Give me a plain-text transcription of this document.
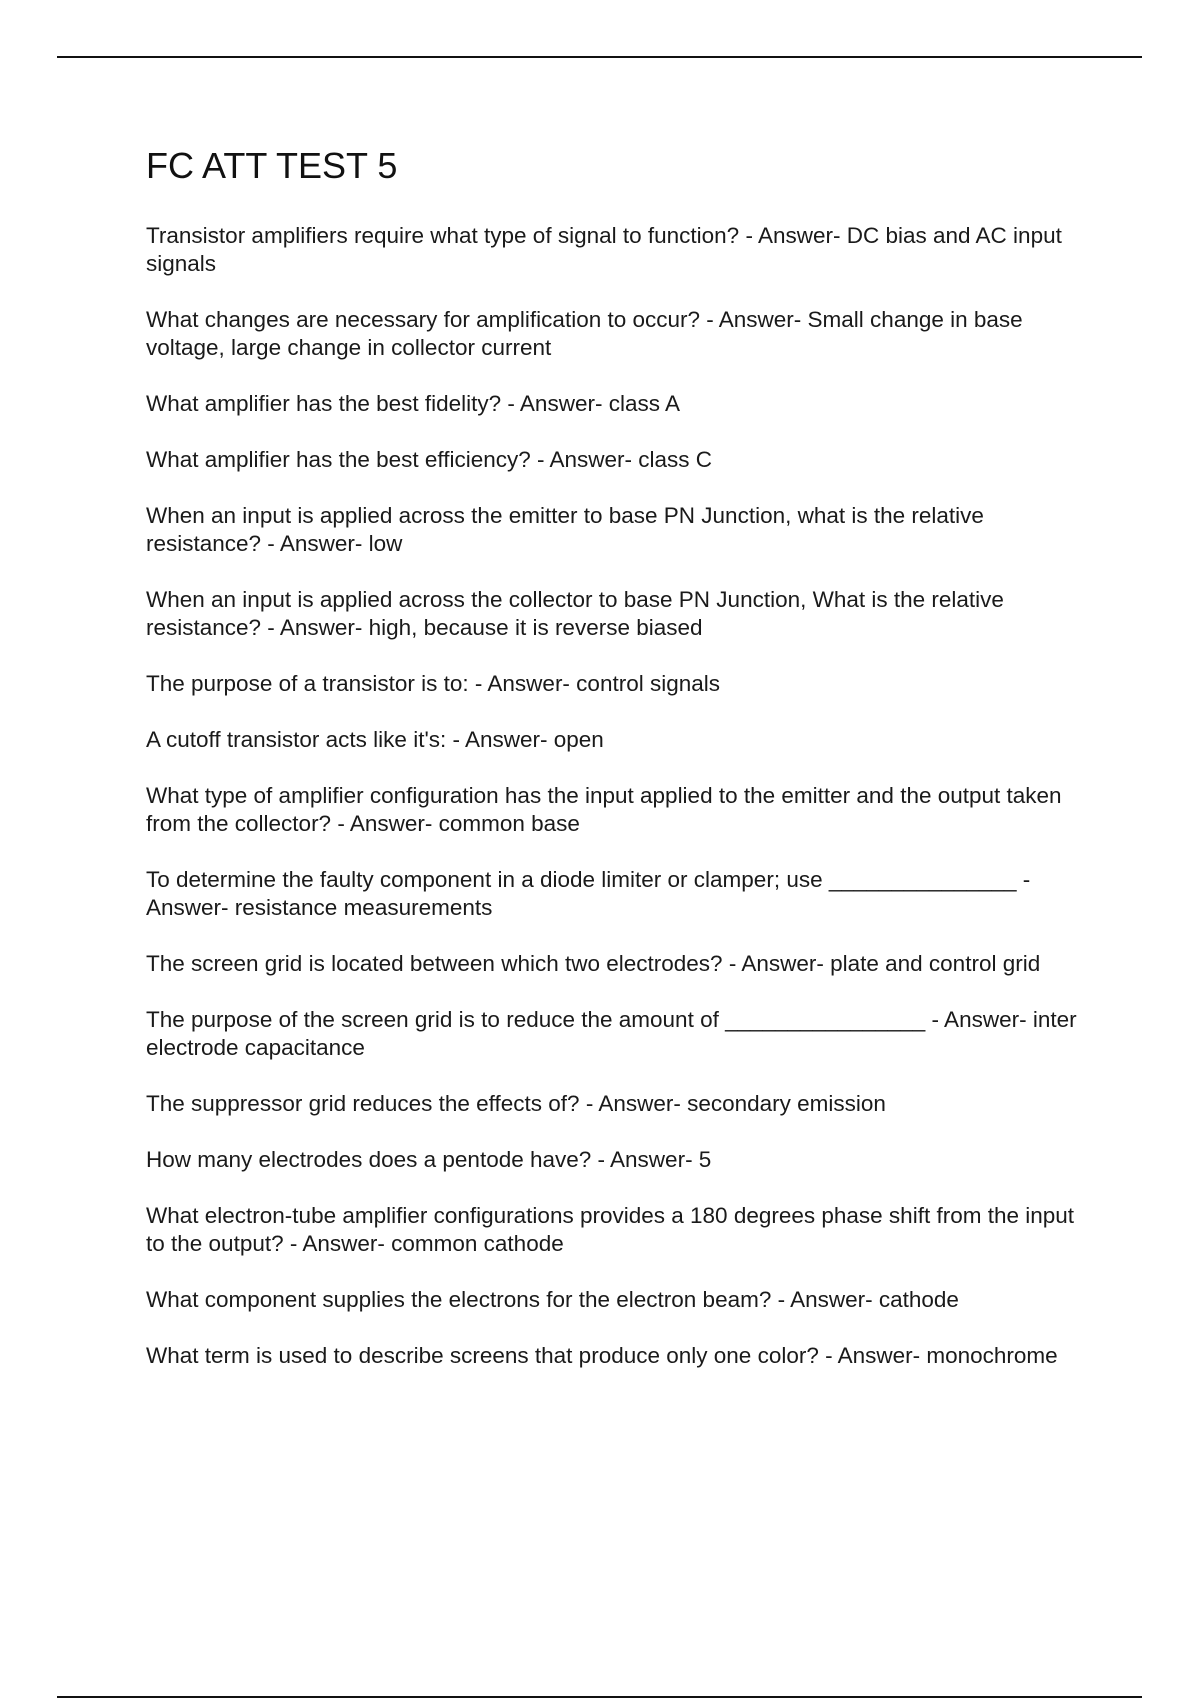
FC ATT TEST 5
Transistor amplifiers require what type of signal to function? - Answer- DC bias and AC input signals
What changes are necessary for amplification to occur? - Answer- Small change in base voltage, large change in collector current
What amplifier has the best fidelity? - Answer- class A
What amplifier has the best efficiency? - Answer- class C
When an input is applied across the emitter to base PN Junction, what is the relative resistance? - Answer- low
When an input is applied across the collector to base PN Junction, What is the relative resistance? - Answer- high, because it is reverse biased
The purpose of a transistor is to: - Answer- control signals
A cutoff transistor acts like it's: - Answer- open
What type of amplifier configuration has the input applied to the emitter and the output taken from the collector? - Answer- common base
To determine the faulty component in a diode limiter or clamper; use _______________ - Answer- resistance measurements
The screen grid is located between which two electrodes? - Answer- plate and control grid
The purpose of the screen grid is to reduce the amount of ________________ - Answer- inter electrode capacitance
The suppressor grid reduces the effects of? - Answer- secondary emission
How many electrodes does a pentode have? - Answer- 5
What electron-tube amplifier configurations provides a 180 degrees phase shift from the input to the output? - Answer- common cathode
What component supplies the electrons for the electron beam? - Answer- cathode
What term is used to describe screens that produce only one color? - Answer- monochrome
